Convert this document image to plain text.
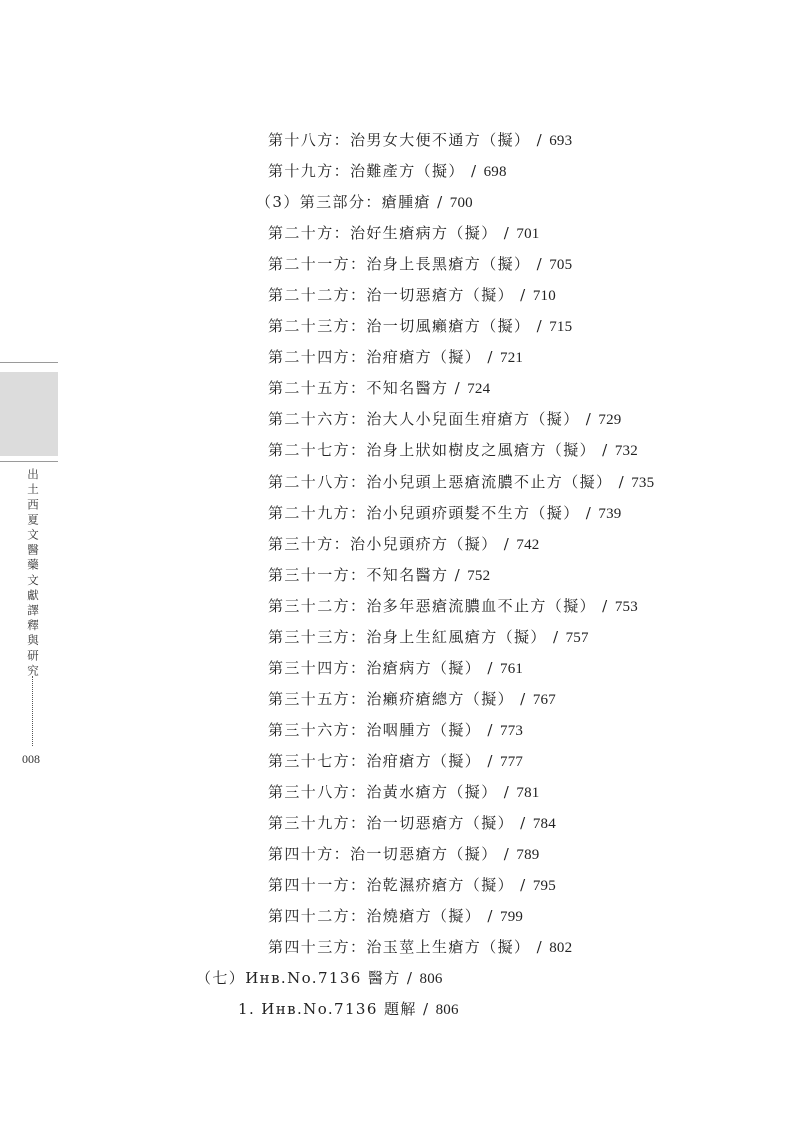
出土西夏文醫藥文獻譯釋與研究
008
第十八方：治男女大便不通方（擬） / 693
第十九方：治難產方（擬） / 698
（3）第三部分：瘡腫瘡 / 700
第二十方：治好生瘡病方（擬） / 701
第二十一方：治身上長黑瘡方（擬） / 705
第二十二方：治一切惡瘡方（擬） / 710
第二十三方：治一切風癩瘡方（擬） / 715
第二十四方：治疳瘡方（擬） / 721
第二十五方：不知名醫方 / 724
第二十六方：治大人小兒面生疳瘡方（擬） / 729
第二十七方：治身上狀如樹皮之風瘡方（擬） / 732
第二十八方：治小兒頭上惡瘡流膿不止方（擬） / 735
第二十九方：治小兒頭疥頭髮不生方（擬） / 739
第三十方：治小兒頭疥方（擬） / 742
第三十一方：不知名醫方 / 752
第三十二方：治多年惡瘡流膿血不止方（擬） / 753
第三十三方：治身上生紅風瘡方（擬） / 757
第三十四方：治瘡病方（擬） / 761
第三十五方：治癩疥瘡總方（擬） / 767
第三十六方：治咽腫方（擬） / 773
第三十七方：治疳瘡方（擬） / 777
第三十八方：治黃水瘡方（擬） / 781
第三十九方：治一切惡瘡方（擬） / 784
第四十方：治一切惡瘡方（擬） / 789
第四十一方：治乾濕疥瘡方（擬） / 795
第四十二方：治燒瘡方（擬） / 799
第四十三方：治玉莖上生瘡方（擬） / 802
（七）Инв.No.7136 醫方 / 806
1. Инв.No.7136 題解 / 806
